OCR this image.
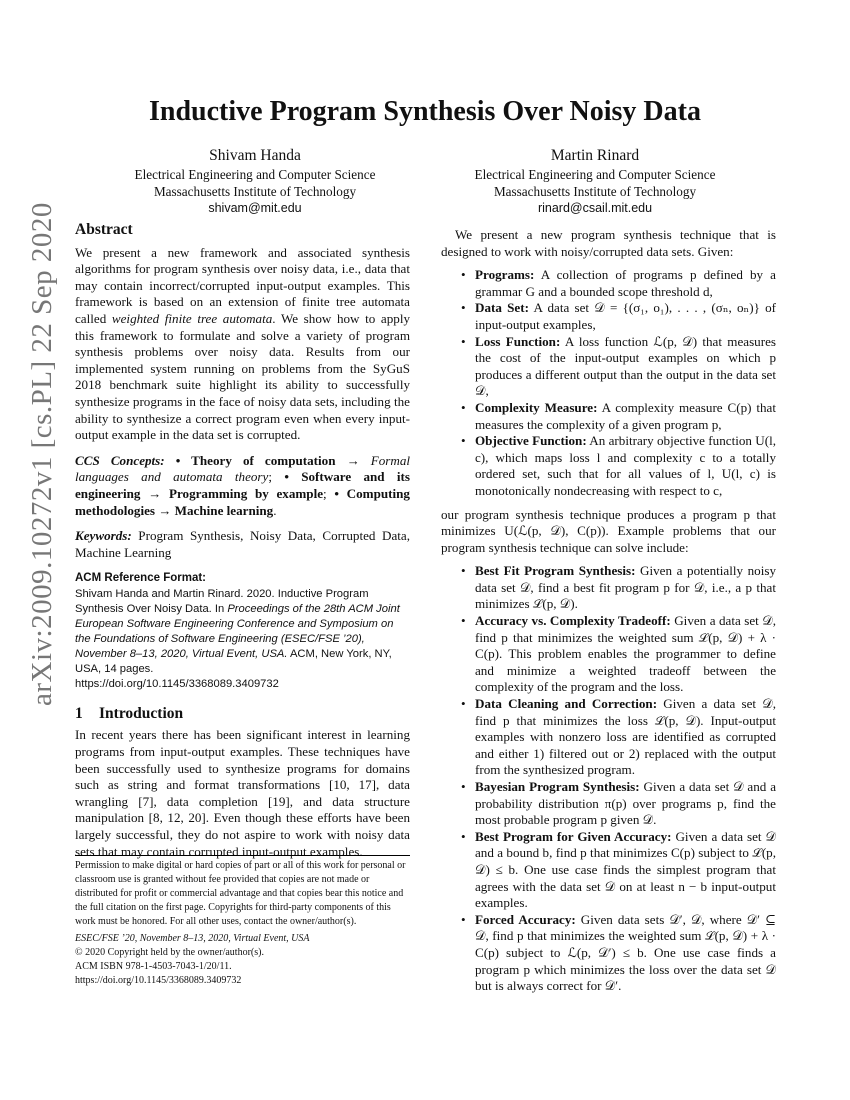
arXiv:2009.10272v1 [cs.PL] 22 Sep 2020
Inductive Program Synthesis Over Noisy Data
Shivam Handa
Electrical Engineering and Computer Science
Massachusetts Institute of Technology
shivam@mit.edu
Martin Rinard
Electrical Engineering and Computer Science
Massachusetts Institute of Technology
rinard@csail.mit.edu
Abstract

We present a new framework and associated synthesis algorithms for program synthesis over noisy data, i.e., data that may contain incorrect/corrupted input-output examples. This framework is based on an extension of finite tree automata called weighted finite tree automata. We show how to apply this framework to formulate and solve a variety of program synthesis problems over noisy data. Results from our implemented system running on problems from the SyGuS 2018 benchmark suite highlight its ability to successfully synthesize programs in the face of noisy data sets, including the ability to synthesize a correct program even when every input-output example in the data set is corrupted.

CCS Concepts: • Theory of computation → Formal languages and automata theory; • Software and its engineering → Programming by example; • Computing methodologies → Machine learning.

Keywords: Program Synthesis, Noisy Data, Corrupted Data, Machine Learning

ACM Reference Format:

Shivam Handa and Martin Rinard. 2020. Inductive Program Synthesis Over Noisy Data. In Proceedings of the 28th ACM Joint European Software Engineering Conference and Symposium on the Foundations of Software Engineering (ESEC/FSE ’20), November 8–13, 2020, Virtual Event, USA. ACM, New York, NY, USA, 14 pages.
https://doi.org/10.1145/3368089.3409732

1 Introduction

In recent years there has been significant interest in learning programs from input-output examples. These techniques have been successfully used to synthesize programs for domains such as string and format transformations [10, 17], data wrangling [7], data completion [19], and data structure manipulation [8, 12, 20]. Even though these efforts have been largely successful, they do not aspire to work with noisy data sets that may contain corrupted input-output examples.

Permission to make digital or hard copies of part or all of this work for personal or classroom use is granted without fee provided that copies are not made or distributed for profit or commercial advantage and that copies bear this notice and the full citation on the first page. Copyrights for third-party components of this work must be honored. For all other uses, contact the owner/author(s).

ESEC/FSE ’20, November 8–13, 2020, Virtual Event, USA

© 2020 Copyright held by the owner/author(s).

ACM ISBN 978-1-4503-7043-1/20/11.

https://doi.org/10.1145/3368089.3409732

We present a new program synthesis technique that is designed to work with noisy/corrupted data sets. Given:

• Programs: A collection of programs p defined by a grammar G and a bounded scope threshold d,
• Data Set: A data set 𝒟 = {(σ₁, o₁), . . . , (σₙ, oₙ)} of input-output examples,
• Loss Function: A loss function ℒ(p, 𝒟) that measures the cost of the input-output examples on which p produces a different output than the output in the data set 𝒟,
• Complexity Measure: A complexity measure C(p) that measures the complexity of a given program p,
• Objective Function: An arbitrary objective function U(l, c), which maps loss l and complexity c to a totally ordered set, such that for all values of l, U(l, c) is monotonically nondecreasing with respect to c,

our program synthesis technique produces a program p that minimizes U(ℒ(p, 𝒟), C(p)). Example problems that our program synthesis technique can solve include:

• Best Fit Program Synthesis: Given a potentially noisy data set 𝒟, find a best fit program p for 𝒟, i.e., a p that minimizes ℒ(p, 𝒟).
• Accuracy vs. Complexity Tradeoff: Given a data set 𝒟, find p that minimizes the weighted sum ℒ(p, 𝒟) + λ · C(p). This problem enables the programmer to define and minimize a weighted tradeoff between the complexity of the program and the loss.
• Data Cleaning and Correction: Given a data set 𝒟, find p that minimizes the loss ℒ(p, 𝒟). Input-output examples with nonzero loss are identified as corrupted and either 1) filtered out or 2) replaced with the output from the synthesized program.
• Bayesian Program Synthesis: Given a data set 𝒟 and a probability distribution π(p) over programs p, find the most probable program p given 𝒟.
• Best Program for Given Accuracy: Given a data set 𝒟 and a bound b, find p that minimizes C(p) subject to ℒ(p, 𝒟) ≤ b. One use case finds the simplest program that agrees with the data set 𝒟 on at least n − b input-output examples.
• Forced Accuracy: Given data sets 𝒟′, 𝒟, where 𝒟′ ⊆ 𝒟, find p that minimizes the weighted sum ℒ(p, 𝒟) + λ · C(p) subject to ℒ(p, 𝒟′) ≤ b. One use case finds a program p which minimizes the loss over the data set 𝒟 but is always correct for 𝒟′.
